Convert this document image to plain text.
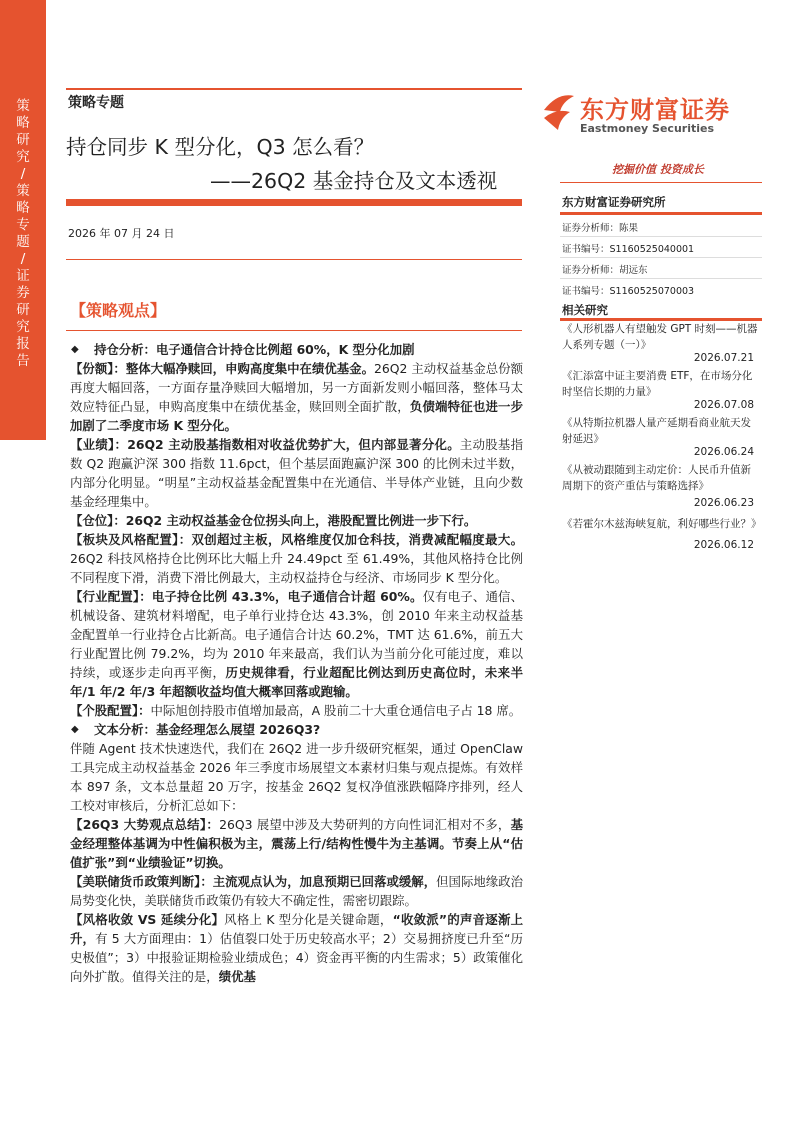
策
略
研
究
/
策
略
专
题
/
证
券
研
究
报
告
策略专题
持仓同步 K 型分化，Q3 怎么看？
——26Q2 基金持仓及文本透视
2026 年 07 月 24 日
东方财富证券
Eastmoney Securities
挖掘价值 投资成长
东方财富证券研究所
证券分析师：陈果
证书编号：S1160525040001
证券分析师：胡远东
证书编号：S1160525070003
相关研究
《人形机器人有望触发 GPT 时刻——机器人系列专题（一）》
2026.07.21
《汇添富中证主要消费 ETF，在市场分化时坚信长期的力量》
2026.07.08
《从特斯拉机器人量产延期看商业航天发射延迟》
2026.06.24
《从被动跟随到主动定价：人民币升值新周期下的资产重估与策略选择》
2026.06.23
《若霍尔木兹海峡复航，利好哪些行业？》
2026.06.12
【策略观点】
◆ 持仓分析：电子通信合计持仓比例超 60%，K 型分化加剧

【份额】：整体大幅净赎回，申购高度集中在绩优基金。26Q2 主动权益基金总份额再度大幅回落，一方面存量净赎回大幅增加，另一方面新发则小幅回落，整体马太效应特征凸显，申购高度集中在绩优基金，赎回则全面扩散，负债端特征也进一步加剧了二季度市场 K 型分化。

【业绩】：26Q2 主动股基指数相对收益优势扩大，但内部显著分化。主动股基指数 Q2 跑赢沪深 300 指数 11.6pct，但个基层面跑赢沪深 300 的比例未过半数，内部分化明显。“明星”主动权益基金配置集中在光通信、半导体产业链，且向少数基金经理集中。

【仓位】：26Q2 主动权益基金仓位拐头向上，港股配置比例进一步下行。

【板块及风格配置】：双创超过主板，风格维度仅加仓科技，消费减配幅度最大。26Q2 科技风格持仓比例环比大幅上升 24.49pct 至 61.49%，其他风格持仓比例不同程度下滑，消费下滑比例最大，主动权益持仓与经济、市场同步 K 型分化。

【行业配置】：电子持仓比例 43.3%，电子通信合计超 60%。仅有电子、通信、机械设备、建筑材料增配，电子单行业持仓达 43.3%，创 2010 年来主动权益基金配置单一行业持仓占比新高。电子通信合计达 60.2%，TMT 达 61.6%，前五大行业配置比例 79.2%，均为 2010 年来最高，我们认为当前分化可能过度，难以持续，或逐步走向再平衡，历史规律看，行业超配比例达到历史高位时，未来半年/1 年/2 年/3 年超额收益均值大概率回落或跑输。

【个股配置】：中际旭创持股市值增加最高，A 股前二十大重仓通信电子占 18 席。

◆ 文本分析：基金经理怎么展望 2026Q3?

伴随 Agent 技术快速迭代，我们在 26Q2 进一步升级研究框架，通过 OpenClaw 工具完成主动权益基金 2026 年三季度市场展望文本素材归集与观点提炼。有效样本 897 条，文本总量超 20 万字，按基金 26Q2 复权净值涨跌幅降序排列，经人工校对审核后，分析汇总如下：

【26Q3 大势观点总结】：26Q3 展望中涉及大势研判的方向性词汇相对不多，基金经理整体基调为中性偏积极为主，震荡上行/结构性慢牛为主基调。节奏上从“估值扩张”到“业绩验证”切换。

【美联储货币政策判断】：主流观点认为，加息预期已回落或缓解，但国际地缘政治局势变化快，美联储货币政策仍有较大不确定性，需密切跟踪。

【风格收敛 VS 延续分化】风格上 K 型分化是关键命题，“收敛派”的声音逐渐上升，有 5 大方面理由：1）估值裂口处于历史较高水平；2）交易拥挤度已升至“历史极值”；3）中报验证期检验业绩成色；4）资金再平衡的内生需求；5）政策催化向外扩散。值得关注的是，绩优基
